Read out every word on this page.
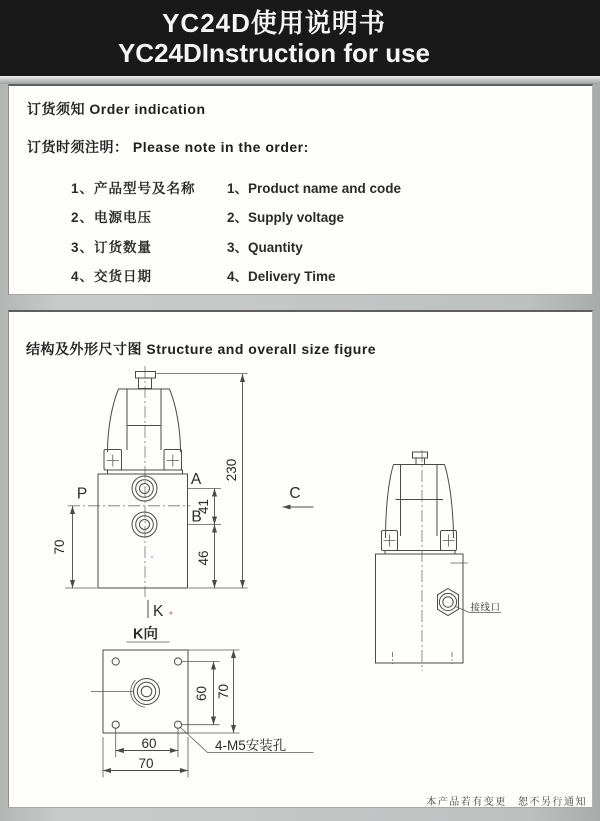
YC24D使用说明书
YC24DInstruction for use
订货须知 Order indication
订货时须注明： Please note in the order:
1、产品型号及名称
2、电源电压
3、订货数量
4、交货日期
1、Product name and code
2、Supply voltage
3、Quantity
4、Delivery Time
结构及外形尺寸图 Structure and overall size figure
本产品若有变更 恕不另行通知
70
P
230
A
B
41
46
K
C
K向
60 70
60
70
4-M5安装孔
接线口
